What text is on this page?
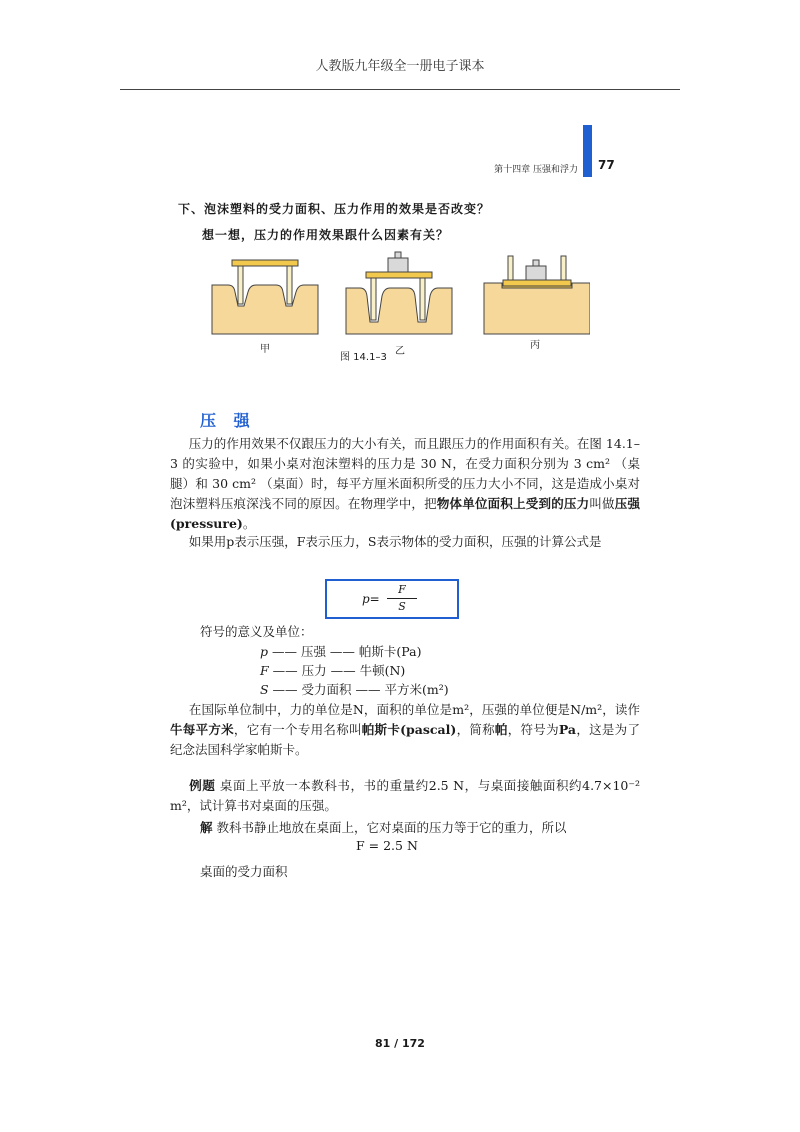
人教版九年级全一册电子课本
第十四章 压强和浮力 77
下、泡沫塑料的受力面积、压力作用的效果是否改变？
想一想，压力的作用效果跟什么因素有关？
甲	乙
丙
图 14.1–3
压 强
  压力的作用效果不仅跟压力的大小有关，而且跟压力的作用面积有关。在图 14.1–3 的实验中，如果小桌对泡沫塑料的压力是 30 N，在受力面积分别为 3 cm² （桌腿）和 30 cm² （桌面）时，每平方厘米面积所受的压力大小不同，这是造成小桌对泡沫塑料压痕深浅不同的原因。在物理学中，把物体单位面积上受到的压力叫做压强(pressure)。
  如果用p表示压强，F表示压力，S表示物体的受力面积，压强的计算公式是
p=
F
S
符号的意义及单位：
p —— 压强 —— 帕斯卡(Pa)
F —— 压力 —— 牛顿(N)
S —— 受力面积 —— 平方米(m²)
  在国际单位制中，力的单位是N，面积的单位是m²，压强的单位便是N/m²，读作牛每平方米，它有一个专用名称叫帕斯卡(pascal)，简称帕，符号为Pa，这是为了纪念法国科学家帕斯卡。
  例题 桌面上平放一本教科书，书的重量约2.5 N，与桌面接触面积约4.7×10⁻² m²，试计算书对桌面的压强。
解 教科书静止地放在桌面上，它对桌面的压力等于它的重力，所以
F = 2.5 N
桌面的受力面积
81 / 172
